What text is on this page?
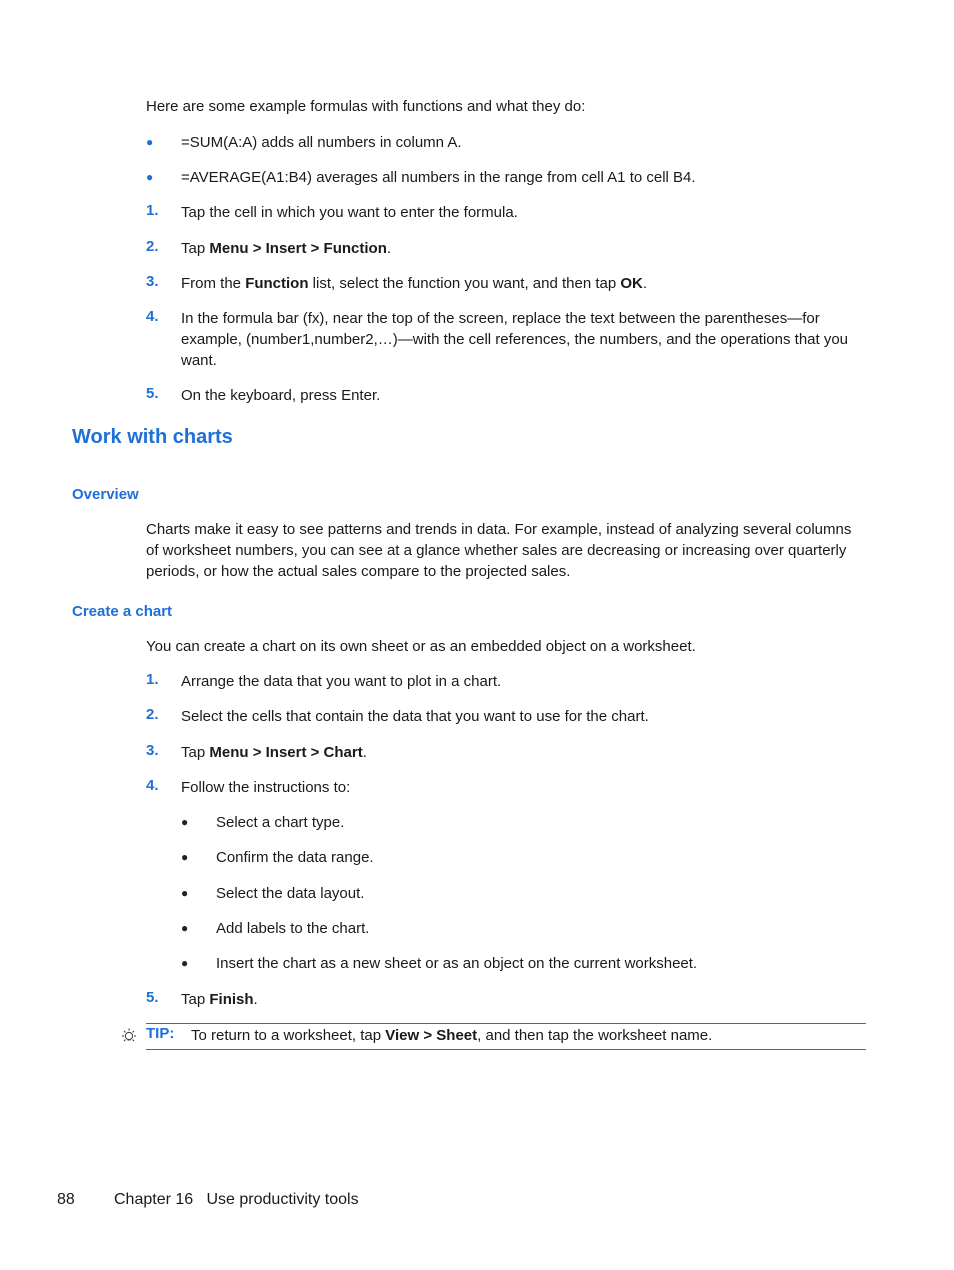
Here are some example formulas with functions and what they do:

● =SUM(A:A) adds all numbers in column A.
● =AVERAGE(A1:B4) averages all numbers in the range from cell A1 to cell B4.
1. Tap the cell in which you want to enter the formula.
2. Tap Menu > Insert > Function.
3. From the Function list, select the function you want, and then tap OK.
4. In the formula bar (fx), near the top of the screen, replace the text between the parentheses—for example, (number1,number2,…)—with the cell references, the numbers, and the operations that you want.
5. On the keyboard, press Enter.
Work with charts
Overview

Charts make it easy to see patterns and trends in data. For example, instead of analyzing several columns of worksheet numbers, you can see at a glance whether sales are decreasing or increasing over quarterly periods, or how the actual sales compare to the projected sales.

Create a chart

You can create a chart on its own sheet or as an embedded object on a worksheet.

1. Arrange the data that you want to plot in a chart.
2. Select the cells that contain the data that you want to use for the chart.
3. Tap Menu > Insert > Chart.
4. Follow the instructions to:
● Select a chart type.
● Confirm the data range.
● Select the data layout.
● Add labels to the chart.
● Insert the chart as a new sheet or as an object on the current worksheet.
5. Tap Finish.
TIP: To return to a worksheet, tap View > Sheet, and then tap the worksheet name.
88 Chapter 16   Use productivity tools
